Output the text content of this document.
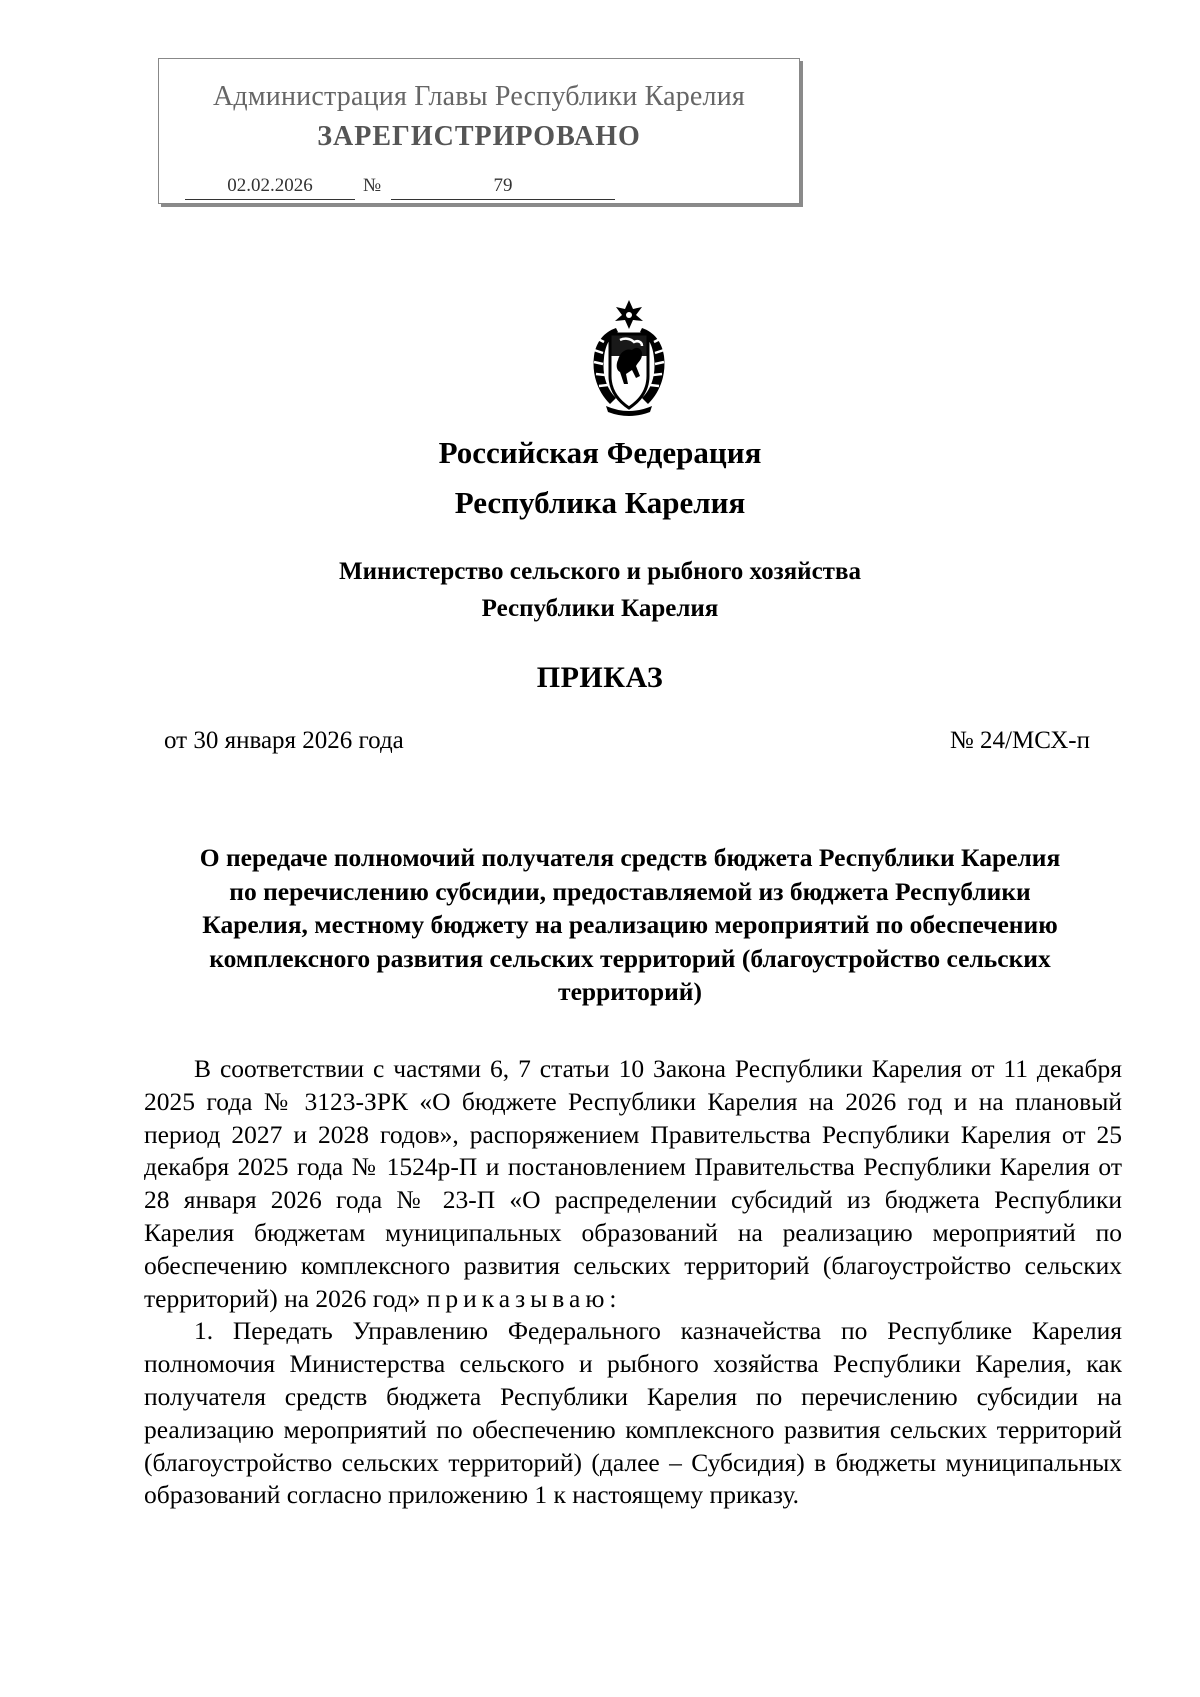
Администрация Главы Республики Карелия
ЗАРЕГИСТРИРОВАНО
02.02.2026	№	79
Российская Федерация
Республика Карелия
Министерство сельского и рыбного хозяйства
Республики Карелия
ПРИКАЗ
от 30 января 2026 года	№ 24/МСХ-п
О передаче полномочий получателя средств бюджета Республики Карелия
по перечислению субсидии, предоставляемой из бюджета Республики
Карелия, местному бюджету на реализацию мероприятий по обеспечению
комплексного развития сельских территорий (благоустройство сельских
территорий)

В соответствии с частями 6, 7 статьи 10 Закона Республики Карелия от 11 декабря 2025 года № 3123-ЗРК «О бюджете Республики Карелия на 2026 год и на плановый период 2027 и 2028 годов», распоряжением Правительства Республики Карелия от 25 декабря 2025 года № 1524р-П и постановлением Правительства Республики Карелия от 28 января 2026 года № 23-П «О распределении субсидий из бюджета Республики Карелия бюджетам муниципальных образований на реализацию мероприятий по обеспечению комплексного развития сельских территорий (благоустройство сельских территорий) на 2026 год» приказываю:

1. Передать Управлению Федерального казначейства по Республике Карелия полномочия Министерства сельского и рыбного хозяйства Республики Карелия, как получателя средств бюджета Республики Карелия по перечислению субсидии на реализацию мероприятий по обеспечению комплексного развития сельских территорий (благоустройство сельских территорий) (далее – Субсидия) в бюджеты муниципальных образований согласно приложению 1 к настоящему приказу.
